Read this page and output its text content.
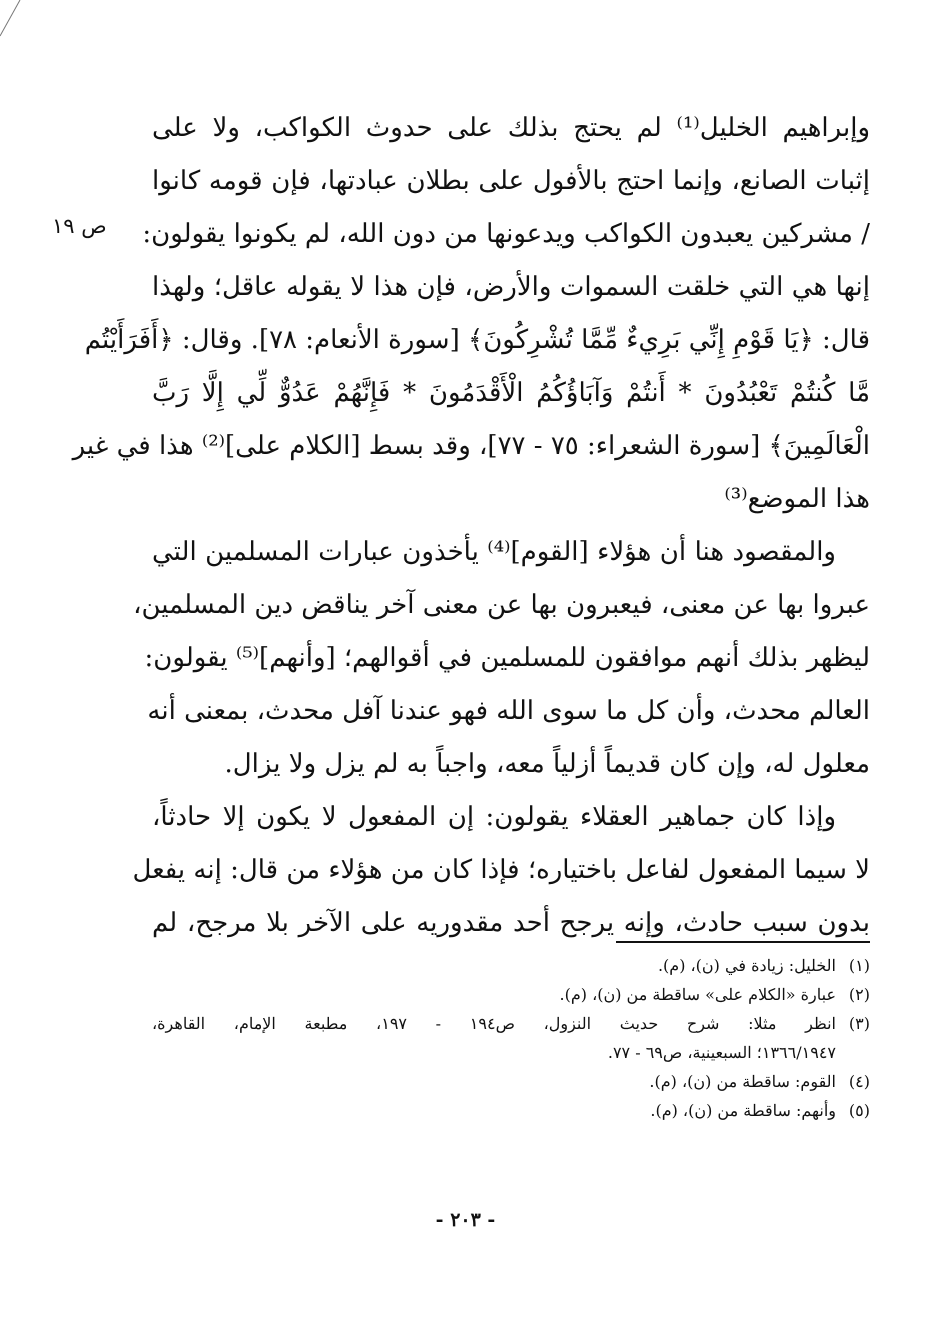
ص ١٩
وإبراهيم الخليل⁽¹⁾ لم يحتج بذلك على حدوث الكواكب، ولا على
إثبات الصانع، وإنما احتج بالأفول على بطلان عبادتها، فإن قومه كانوا
/ مشركين يعبدون الكواكب ويدعونها من دون الله، لم يكونوا يقولون:
إنها هي التي خلقت السموات والأرض، فإن هذا لا يقوله عاقل؛ ولهذا
قال: ﴿يَا قَوْمِ إِنِّي بَرِيءٌ مِّمَّا تُشْرِكُونَ﴾ [سورة الأنعام: ٧٨]. وقال: ﴿أَفَرَأَيْتُم
مَّا كُنتُمْ تَعْبُدُونَ * أَنتُمْ وَآبَاؤُكُمُ الْأَقْدَمُونَ * فَإِنَّهُمْ عَدُوٌّ لِّي إِلَّا رَبَّ
الْعَالَمِينَ﴾ [سورة الشعراء: ٧٥ - ٧٧]، وقد بسط [الكلام على]⁽²⁾ هذا في غير
هذا الموضع⁽³⁾
والمقصود هنا أن هؤلاء [القوم]⁽⁴⁾ يأخذون عبارات المسلمين التي
عبروا بها عن معنى، فيعبرون بها عن معنى آخر يناقض دين المسلمين،
ليظهر بذلك أنهم موافقون للمسلمين في أقوالهم؛ [وأنهم]⁽⁵⁾ يقولون:
العالم محدث، وأن كل ما سوى الله فهو عندنا آفل محدث، بمعنى أنه
معلول له، وإن كان قديماً أزلياً معه، واجباً به لم يزل ولا يزال.
وإذا كان جماهير العقلاء يقولون: إن المفعول لا يكون إلا حادثاً،
لا سيما المفعول لفاعل باختياره؛ فإذا كان من هؤلاء من قال: إنه يفعل
بدون سبب حادث، وإنه يرجح أحد مقدوريه على الآخر بلا مرجح، لم
(١)الخليل: زيادة في (ن)، (م).
(٢)عبارة «الكلام على» ساقطة من (ن)، (م).
(٣)انظر مثلا: شرح حديث النزول، ص١٩٤ - ١٩٧، مطبعة الإمام، القاهرة،
١٣٦٦/١٩٤٧؛ السبعينية، ص٦٩ - ٧٧.
(٤)القوم: ساقطة من (ن)، (م).
(٥)وأنهم: ساقطة من (ن)، (م).
- ٢٠٣ -
